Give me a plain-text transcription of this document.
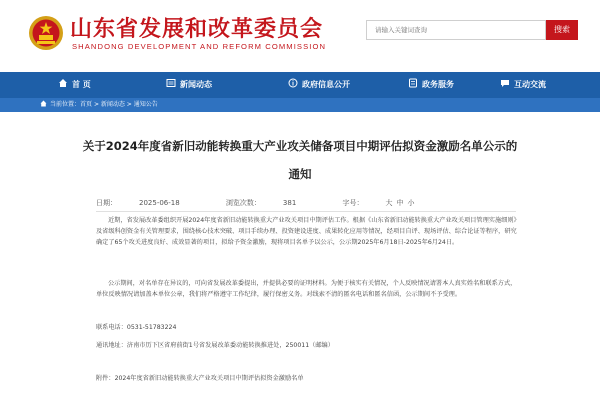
山东省发展和改革委员会
SHANDONG DEVELOPMENT AND REFORM COMMISSION
请输入关键词查询
搜索
首 页	新闻动态	政府信息公开	政务服务	互动交流
当前位置：首页 > 新闻动态 > 通知公告
关于2024年度省新旧动能转换重大产业攻关储备项目中期评估拟资金激励名单公示的通知
日期：	2025-06-18	浏览次数：	381	字号：	大 中 小
近期，省发展改革委组织开展2024年度省新旧动能转换重大产业攻关项目中期评估工作。根据《山东省新旧动能转换重大产业攻关项目管理实施细则》及省级科创资金有关管理要求，围绕核心技术突破、项目手续办理、投资建设进度、成果转化应用等情况，经项目自评、现场评估、综合论证等程序，研究确定了65个攻关进度良好、成效显著的项目，拟给予资金激励，现将项目名单予以公示，公示期2025年6月18日-2025年6月24日。
公示期间，对名单存在异议的，可向省发展改革委提出，并提供必要的证明材料。为便于核实有关情况，个人反映情况请署本人真实姓名和联系方式，单位反映情况请加盖本单位公章，我们将严格遵守工作纪律，履行保密义务。对线索不清的匿名电话和匿名信函，公示期间不予受理。
联系电话：0531-51783224
通讯地址：济南市历下区省府前街1号省发展改革委动能转换推进处，250011（邮编）
附件：2024年度省新旧动能转换重大产业攻关项目中期评估拟资金激励名单
